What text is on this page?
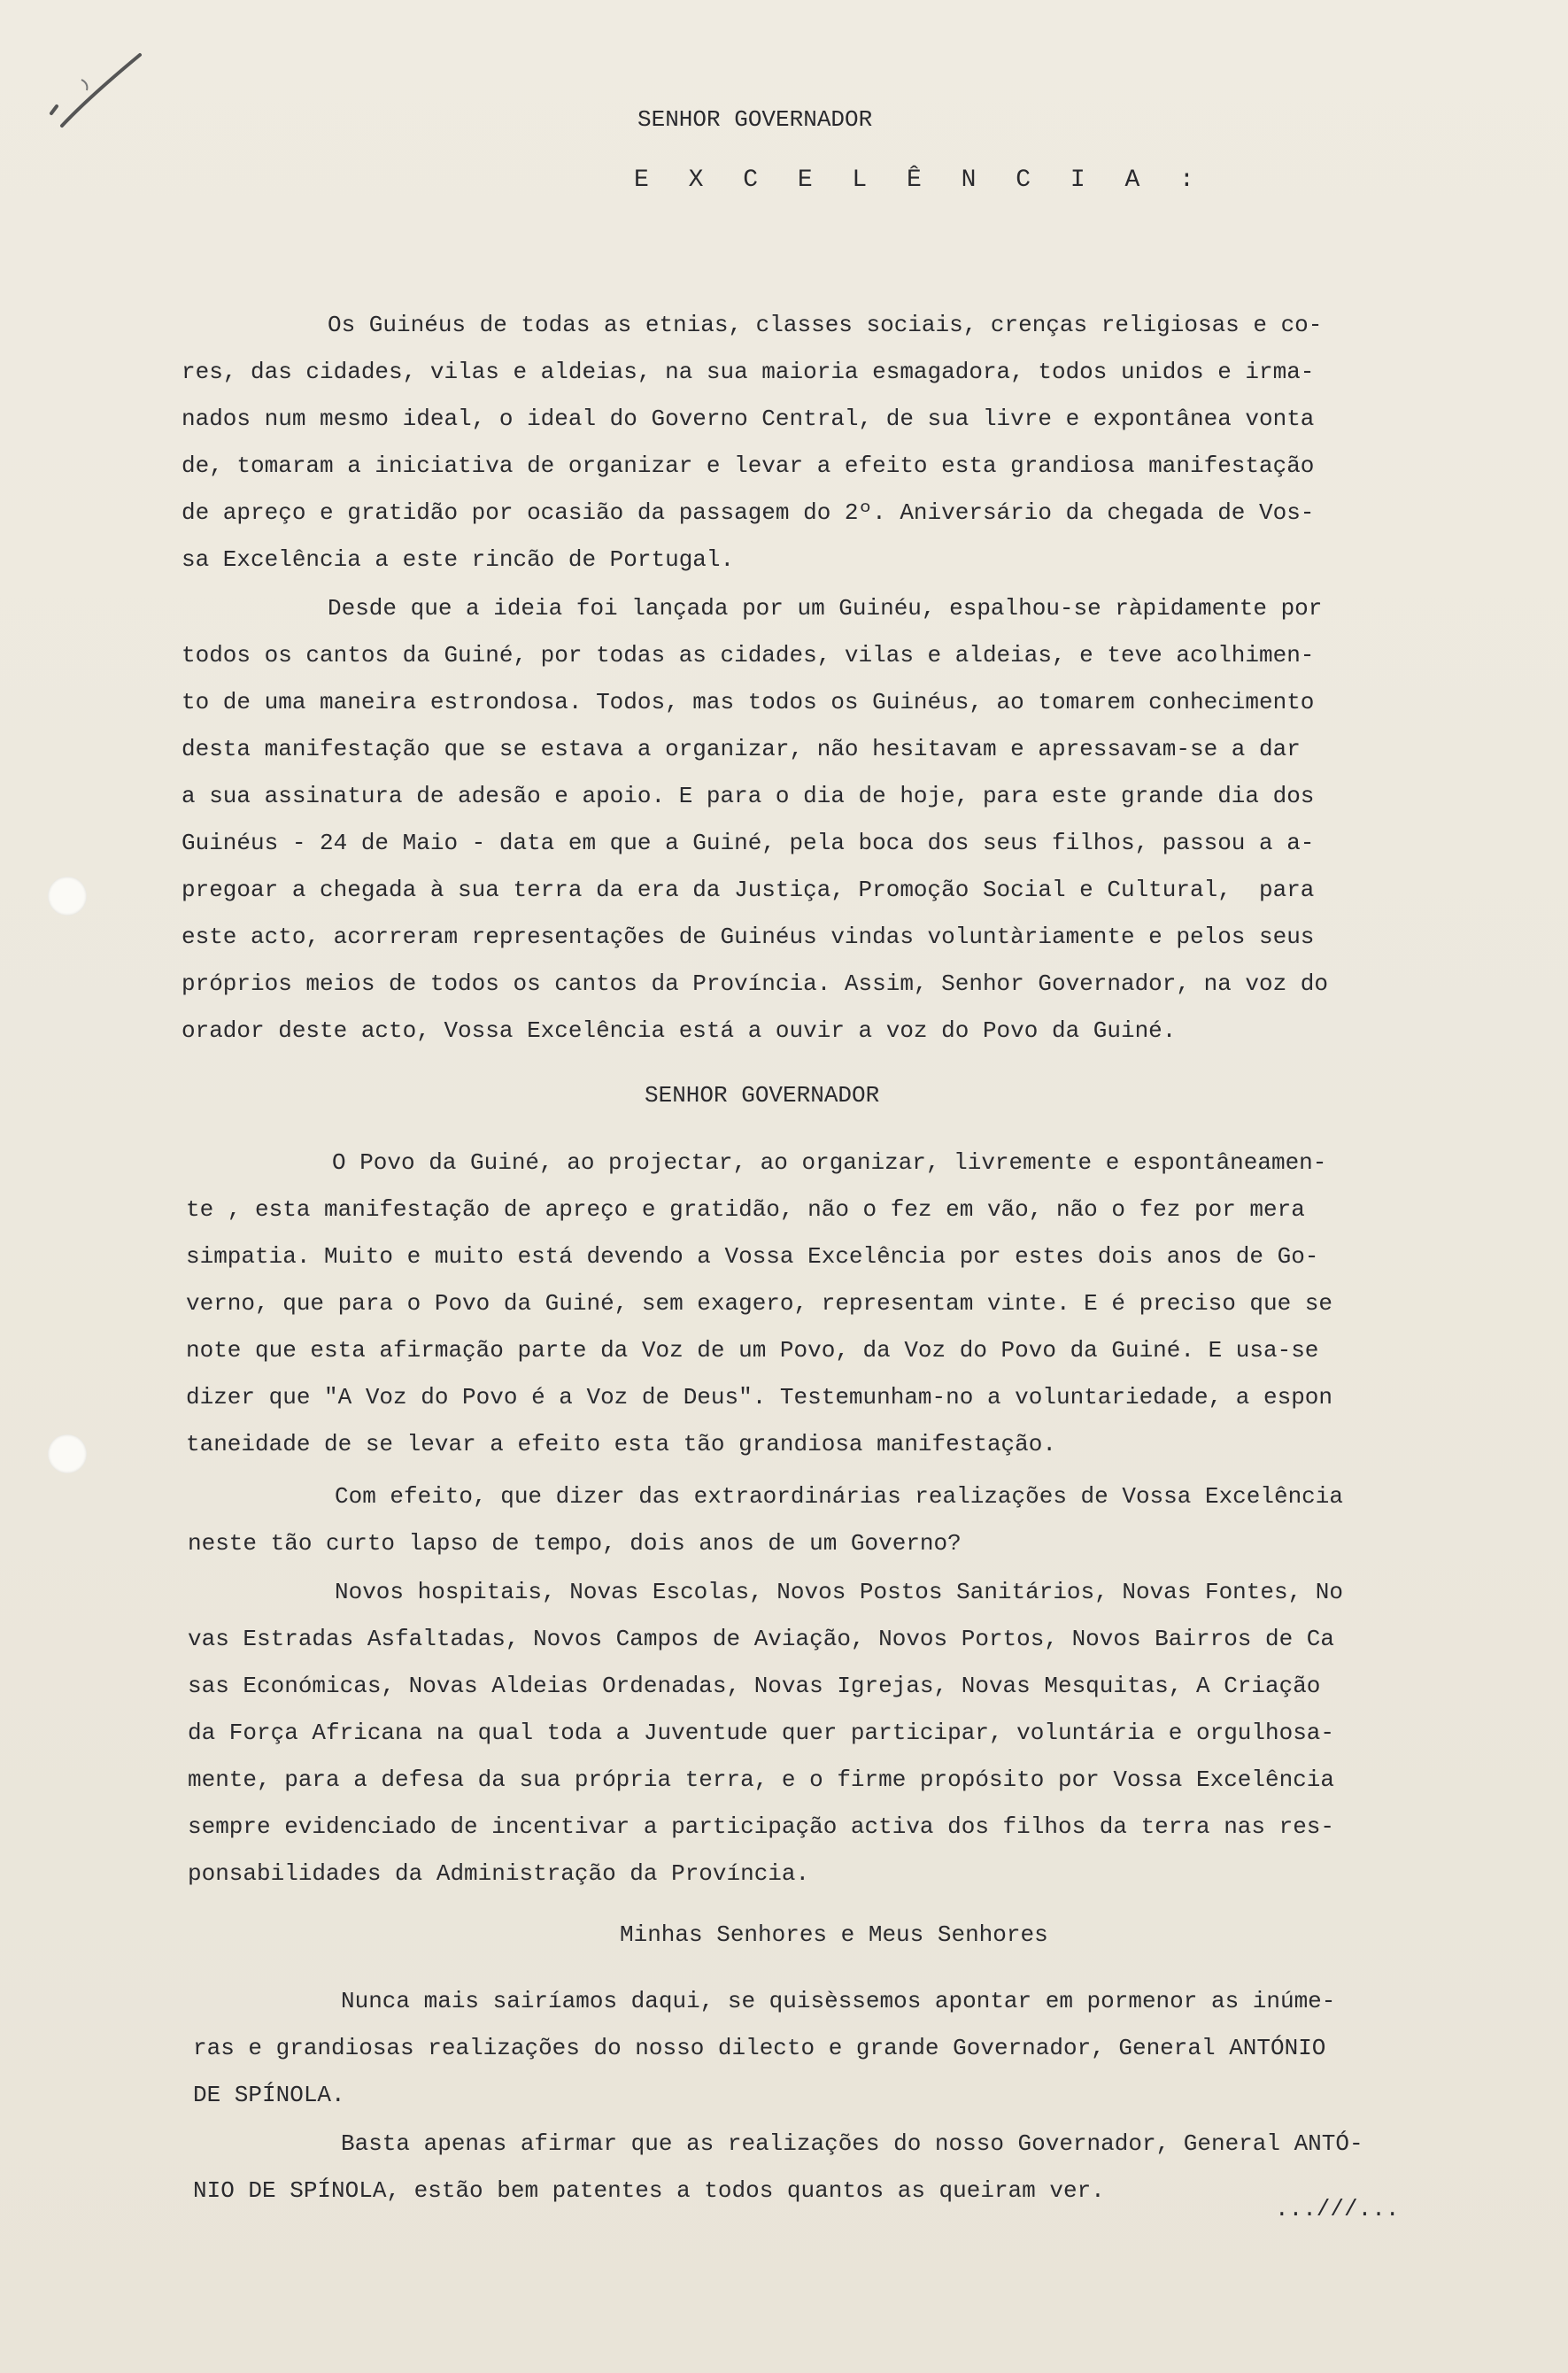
SENHOR GOVERNADOR
E X C E L Ê N C I A :
Os Guinéus de todas as etnias, classes sociais, crenças religiosas e co-
res, das cidades, vilas e aldeias, na sua maioria esmagadora, todos unidos e irma-
nados num mesmo ideal, o ideal do Governo Central, de sua livre e expontânea vonta
de, tomaram a iniciativa de organizar e levar a efeito esta grandiosa manifestação
de apreço e gratidão por ocasião da passagem do 2º. Aniversário da chegada de Vos-
sa Excelência a este rincão de Portugal.
Desde que a ideia foi lançada por um Guinéu, espalhou-se ràpidamente por
todos os cantos da Guiné, por todas as cidades, vilas e aldeias, e teve acolhimen-
to de uma maneira estrondosa. Todos, mas todos os Guinéus, ao tomarem conhecimento
desta manifestação que se estava a organizar, não hesitavam e apressavam-se a dar
a sua assinatura de adesão e apoio. E para o dia de hoje, para este grande dia dos
Guinéus - 24 de Maio - data em que a Guiné, pela boca dos seus filhos, passou a a-
pregoar a chegada à sua terra da era da Justiça, Promoção Social e Cultural,  para
este acto, acorreram representações de Guinéus vindas voluntàriamente e pelos seus
próprios meios de todos os cantos da Província. Assim, Senhor Governador, na voz do
orador deste acto, Vossa Excelência está a ouvir a voz do Povo da Guiné.
SENHOR GOVERNADOR
O Povo da Guiné, ao projectar, ao organizar, livremente e espontâneamen-
te , esta manifestação de apreço e gratidão, não o fez em vão, não o fez por mera
simpatia. Muito e muito está devendo a Vossa Excelência por estes dois anos de Go-
verno, que para o Povo da Guiné, sem exagero, representam vinte. E é preciso que se
note que esta afirmação parte da Voz de um Povo, da Voz do Povo da Guiné. E usa-se
dizer que "A Voz do Povo é a Voz de Deus". Testemunham-no a voluntariedade, a espon
taneidade de se levar a efeito esta tão grandiosa manifestação.
Com efeito, que dizer das extraordinárias realizações de Vossa Excelência
neste tão curto lapso de tempo, dois anos de um Governo?
Novos hospitais, Novas Escolas, Novos Postos Sanitários, Novas Fontes, No
vas Estradas Asfaltadas, Novos Campos de Aviação, Novos Portos, Novos Bairros de Ca
sas Económicas, Novas Aldeias Ordenadas, Novas Igrejas, Novas Mesquitas, A Criação
da Força Africana na qual toda a Juventude quer participar, voluntária e orgulhosa-
mente, para a defesa da sua própria terra, e o firme propósito por Vossa Excelência
sempre evidenciado de incentivar a participação activa dos filhos da terra nas res-
ponsabilidades da Administração da Província.
Minhas Senhores e Meus Senhores
Nunca mais sairíamos daqui, se quisèssemos apontar em pormenor as inúme-
ras e grandiosas realizações do nosso dilecto e grande Governador, General ANTÓNIO
DE SPÍNOLA.
Basta apenas afirmar que as realizações do nosso Governador, General ANTÓ-
NIO DE SPÍNOLA, estão bem patentes a todos quantos as queiram ver.
...///...
